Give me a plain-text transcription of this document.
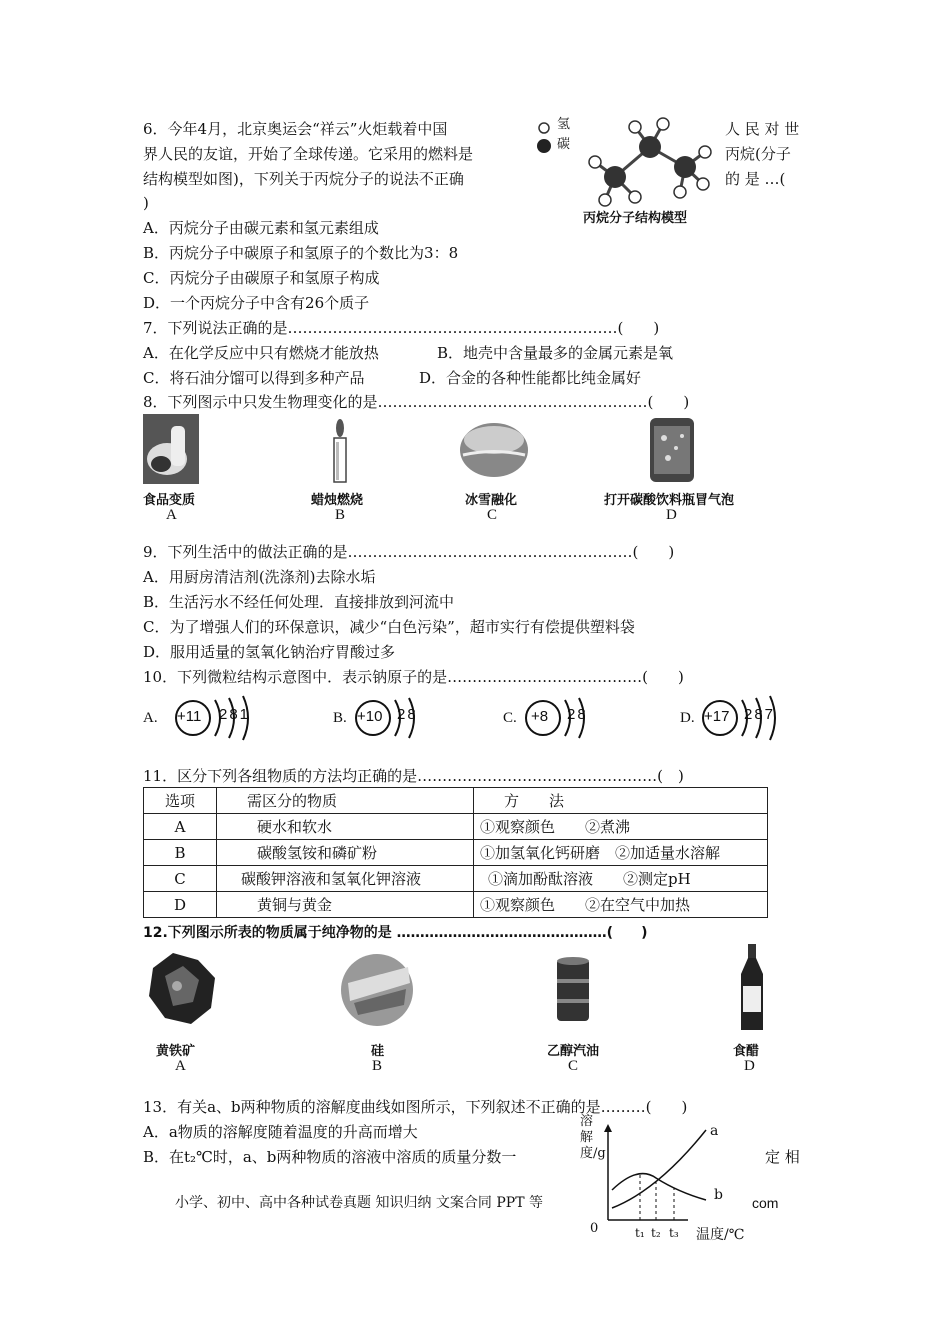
6．今年4月，北京奥运会“祥云”火炬载着中国	人 民 对 世
界人民的友谊，开始了全球传递。它采用的燃料是	丙烷(分子
结构模型如图)，下列关于丙烷分子的说法不正确	的 是 …(
)
氢
碳
丙烷分子结构模型
A．丙烷分子由碳元素和氢元素组成
B．丙烷分子中碳原子和氢原子的个数比为3：8
C．丙烷分子由碳原子和氢原子构成
D．一个丙烷分子中含有26个质子
7．下列说法正确的是…………………………………………………………(　　)
A．在化学反应中只有燃烧才能放热	B．地壳中含量最多的金属元素是氧
C．将石油分馏可以得到多种产品	D．合金的各种性能都比纯金属好
8．下列图示中只发生物理变化的是………………………………………………(　　)
食品变质	蜡烛燃烧	冰雪融化	打开碳酸饮料瓶冒气泡
A	B	C	D
9．下列生活中的做法正确的是…………………………………………………(　　)
A．用厨房清洁剂(洗涤剂)去除水垢
B．生活污水不经任何处理．直接排放到河流中
C．为了增强人们的环保意识，减少“白色污染”，超市实行有偿提供塑料袋
D．服用适量的氢氧化钠治疗胃酸过多
10．下列微粒结构示意图中．表示钠原子的是…………………………………(　　)
A. +11 281	B. +10 28	C. +8 28	D. +17 287
11．区分下列各组物质的方法均正确的是…………………………………………(　)
选项	需区分的物质	方　　法
A	硬水和软水	①观察颜色　　②煮沸
B	碳酸氢铵和磷矿粉	①加氢氧化钙研磨　②加适量水溶解
C	碳酸钾溶液和氢氧化钾溶液	①滴加酚酞溶液　　②测定pH
D	黄铜与黄金	①观察颜色　　②在空气中加热
12.下列图示所表的物质属于纯净物的是 ………………………………………(　　)
黄铁矿	硅	乙醇汽油	食醋
A	B	C	D
13．有关a、b两种物质的溶解度曲线如图所示，下列叙述不正确的是………(　　)
A．a物质的溶解度随着温度的升高而增大
B．在t₂℃时，a、b两种物质的溶液中溶质的质量分数一	定 相
溶解度/g
a
b
0	t₁ t₂ t₃ 温度/℃
小学、初中、高中各种试卷真题 知识归纳 文案合同 PPT 等	com
